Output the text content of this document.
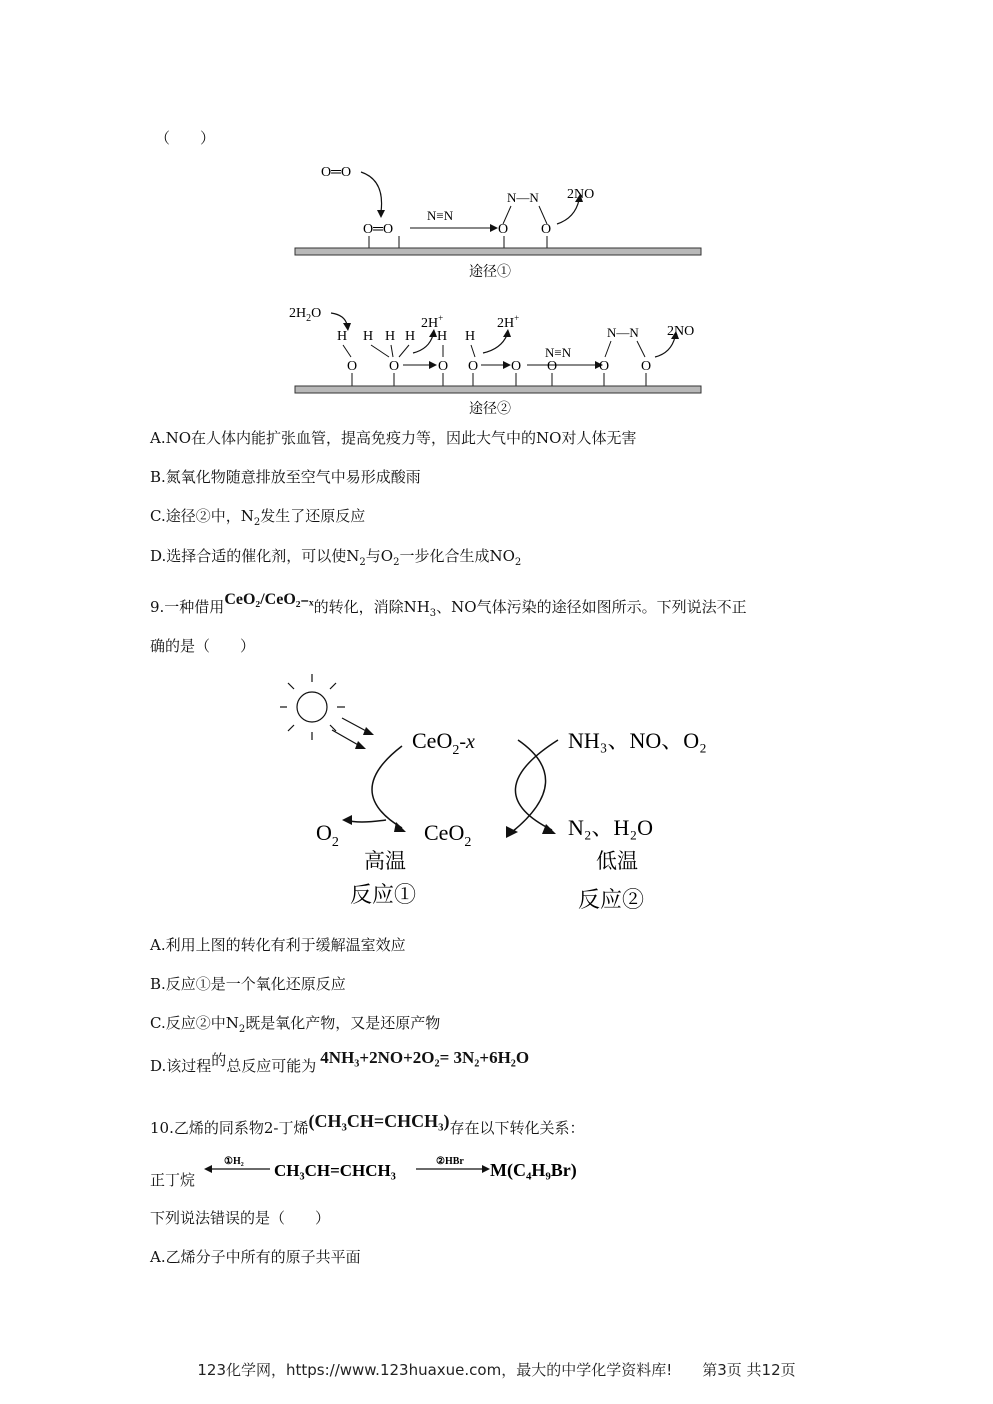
（　　）
O═O
O═O
N≡N
N—N
O O
2NO
途径①
$2H_2O$
H
O
H H
O
H
2H+
H
O
H
O
2H+
O
N≡N
O
N—N
O O
2NO
途径②
A.NO在人体内能扩张血管，提高免疫力等，因此大气中的NO对人体无害
B.氮氧化物随意排放至空气中易形成酸雨
C.途径②中，$N_2$发生了还原反应
D.选择合适的催化剂，可以使$N_2$与$O_2$一步化合生成$NO_2$
9.一种借用CeO₂/CeO₂₋ₓ的转化，消除$NH_3$、NO气体污染的途径如图所示。下列说法不正
确的是（　　）
CeO$_2$-x	NH₃、NO、O₂
CeO$_2$
$O_2$
N₂、H₂O
高温	低温
反应①	反应②
A.利用上图的转化有利于缓解温室效应
B.反应①是一个氧化还原反应
C.反应②中$N_2$既是氧化产物，又是还原产物
D.该过程的总反应可能为 4NH₃+2NO+2O₂= 3N₂+6H₂O
10.乙烯的同系物2-丁烯(CH₃CH=CHCH₃)存在以下转化关系：
正丁烷
①H₂ CH₃CH=CHCH₃	②HBr M(C₄H₉Br)
下列说法错误的是（　　）
A.乙烯分子中所有的原子共平面
123化学网，https://www.123huaxue.com，最大的中学化学资料库!　　第3页 共12页
